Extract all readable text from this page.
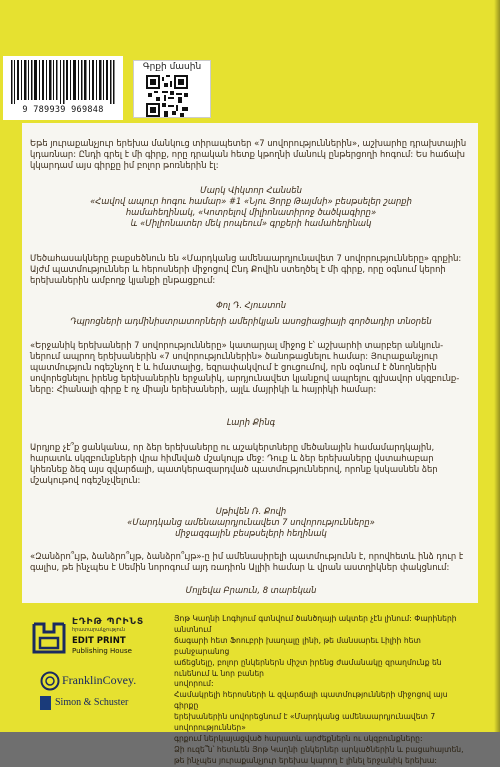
9 789939 969848
Գրքի մասին
Եթե յուրաքանչյուր երեխա մանկուց տիրապետեր «7 սովորություններին», աշխարհը դրախտային
կդառնար: Ընդի գրել է մի գիրք, որը դրական հետք կթողնի մանուկ ընթերցողի հոգում: Ես հաճախ
կկարդամ այս գիրքը իմ բոլոր թոռներին էլ:
Մարկ Վիկտոր Հանսեն
«Հավով ապուր հոգու համար» #1 «Նյու Յորք Թայմսի» բեսթսելեր շարքի
համահեղինակ, «Կոտրելով միլիոնատիրոջ ծածկագիրը»
և «Միլիոնատեր մեկ րոպեում» գրքերի համահեղինակ
Մեծահասակները բաքսեծնուն են «Մարդկանց ամենաարդյունավետ 7 սովորությունները» գրքին:
Այժմ պատմություններ և հերոսների միջոցով Ընդ Քովին ստեղծել է մի գիրք, որը օգնում կերոի
երեխաներին ամբողջ կյանքի ընթացքում:
Փոլ Դ. Հյուստոն
Դպրոցների ադմինիստրատորների ամերիկյան ասոցիացիայի գործադիր տնօրեն
«Երջանիկ երեխաների 7 սովորությունները» կատարյալ միջոց է՝ աշխարհի տարբեր անկյուն-
ներում ապրող երեխաներին «7 սովորություններին» ծանոթացնելու համար: Յուրաքանչյուր
պատմություն ոգեշնչող է և հմատալից, եզրափակվում է ցուցումով, որն օգնում է ծնողներին
սովորեցնելու իրենց երեխաներին երջանիկ, արդյունավետ կյանքով ապրելու գլխավոր սկզբունք-
ները: Հիանալի գիրք է ոչ միայն երեխաների, այլև մայրիկի և հայրիկի համար:
Լարի Քինգ
Արդյոք չէ՞ք ցանկանա, որ ձեր երեխաները ու աշակերտները մեծանային համամարդկային,
հարատև սկզբունքների վրա հիմնված մշակույթ մեջ: Դուք և ձեր երեխաները վստահաբար
կհեռնեք ձեզ այս զվարճալի, պատկերազարդված պատմություններով, որոնք կսկասնեն ձեր
մշակութով ոգեշնչվելուն:
Սթիվեն Ռ. Քովի
«Մարդկանց ամենաարդյունավետ 7 սովորությունները»
միջազգային բեսթսելերի հեղինակ
«Զանձրո՞ւյթ, ձանձրո՞ւյթ, ձանձրո՞ւյթ»-ը իմ ամենասիրելի պատմությունն է, որովհետև ինձ դուր է
գալիս, թե ինչպես է Սեմին նորոգում այդ ռադիոն Ալլիի համար և վրան աստղիկներ փակցնում:
Մոլլեվա Բրաուն, 8 տարեկան
ԷԴԻԹ ՊՐԻՆՏ
հրատարակչություն
EDIT PRINT
Publishing House
FranklinCovey.
Simon & Schuster
Յոթ Կաղնի Լոգհյում գտնվում ծանծղայի ակտեր չէն լինում: Փարիների անտնում
ճագարի հետ Ֆոուբրի խաղալը լինի, թե մանսարեւ Լիլիի հետ բանջարանոց
աճեցնելը, բոլոր ընկերներն միշտ իրենց ժամանակը զրաղմունք են ունենում և նոր բաներ
սովորում:
Համակրելի հերոսների և զվարճալի պատմությունների միջոցով այս գիրքը
երեխաներին սովորեցնում է «Մարդկանց ամենաարդյունավետ 7 սովորություններ»
գրքում ներկայացված հարատև արժեքներն ու սկզբունքները:
Ձի ուզե՞ն՝ հետևեն Յոթ Կաղնի ընկերներ արկածներին և բացահայտեն,
թե ինչպես յուրաքանչյուր երեխա կարող է լինել երջանիկ երեխա:
